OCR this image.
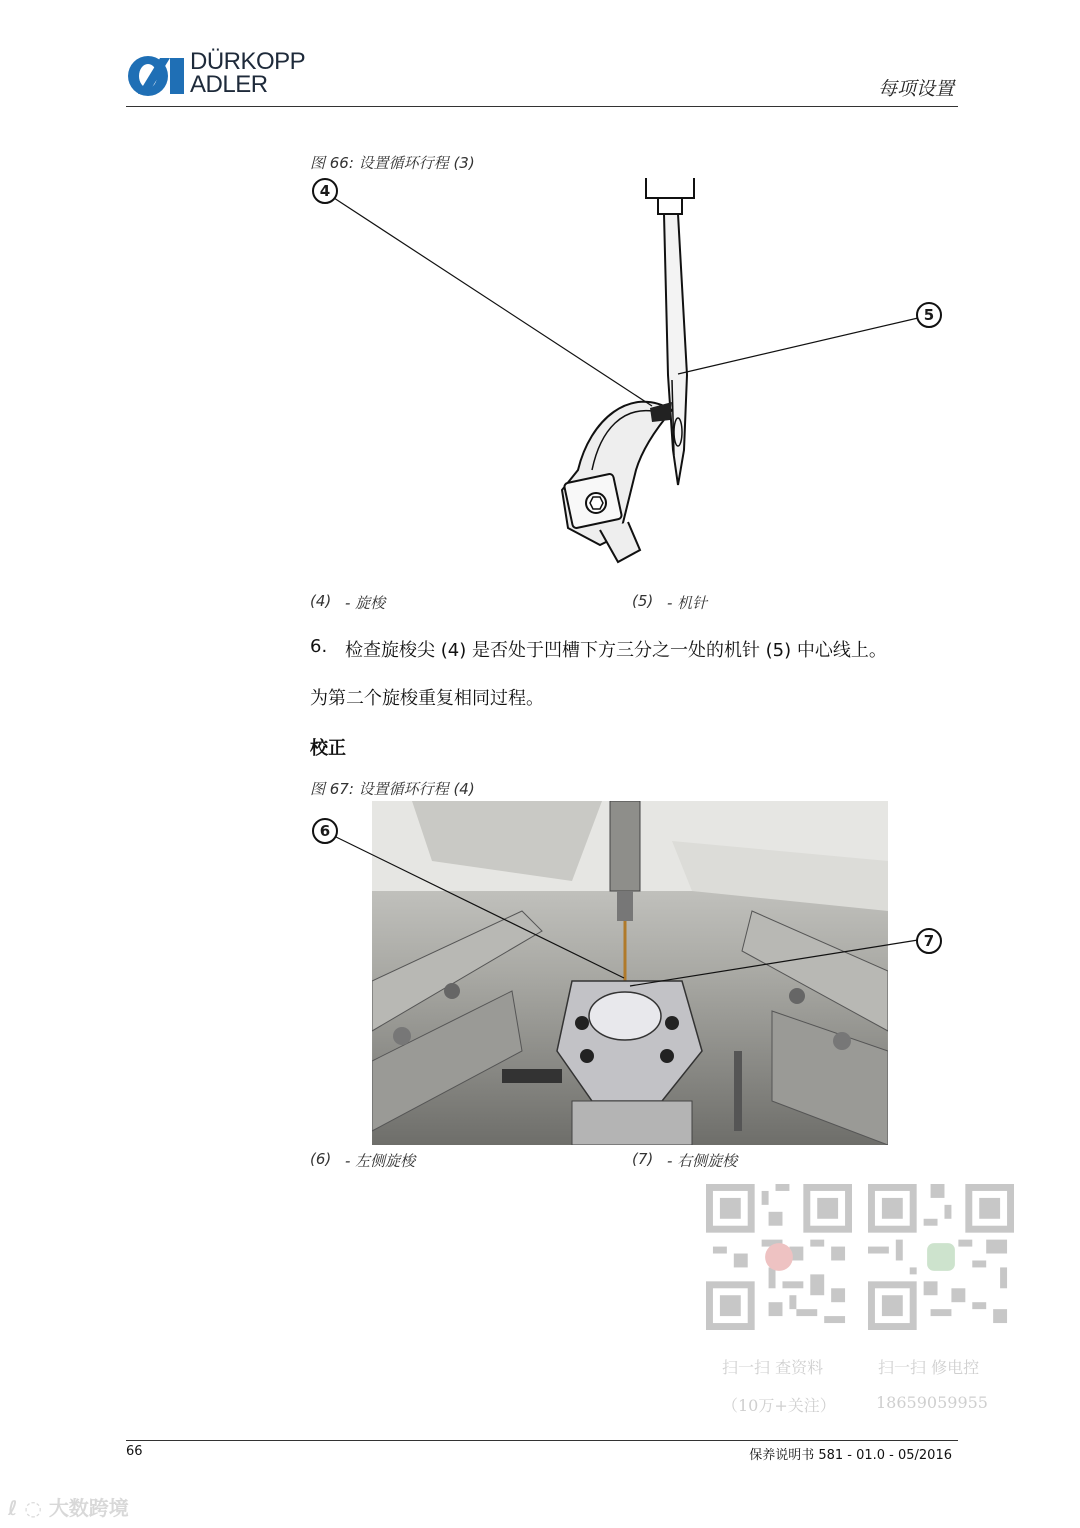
DÜRKOPP
ADLER	每项设置
图 66: 设置循环行程 (3)
4
5
(4) - 旋梭	(5) - 机针
6. 检查旋梭尖 (4) 是否处于凹槽下方三分之一处的机针 (5) 中心线上。
为第二个旋梭重复相同过程。
校正
图 67: 设置循环行程 (4)
6
7
(6) - 左侧旋梭	(7) - 右侧旋梭
扫一扫 查资料
（10万+关注）
扫一扫 修电控
18659059955
66	保养说明书 581 - 01.0 - 05/2016
ℓ ◌ 大数跨境
